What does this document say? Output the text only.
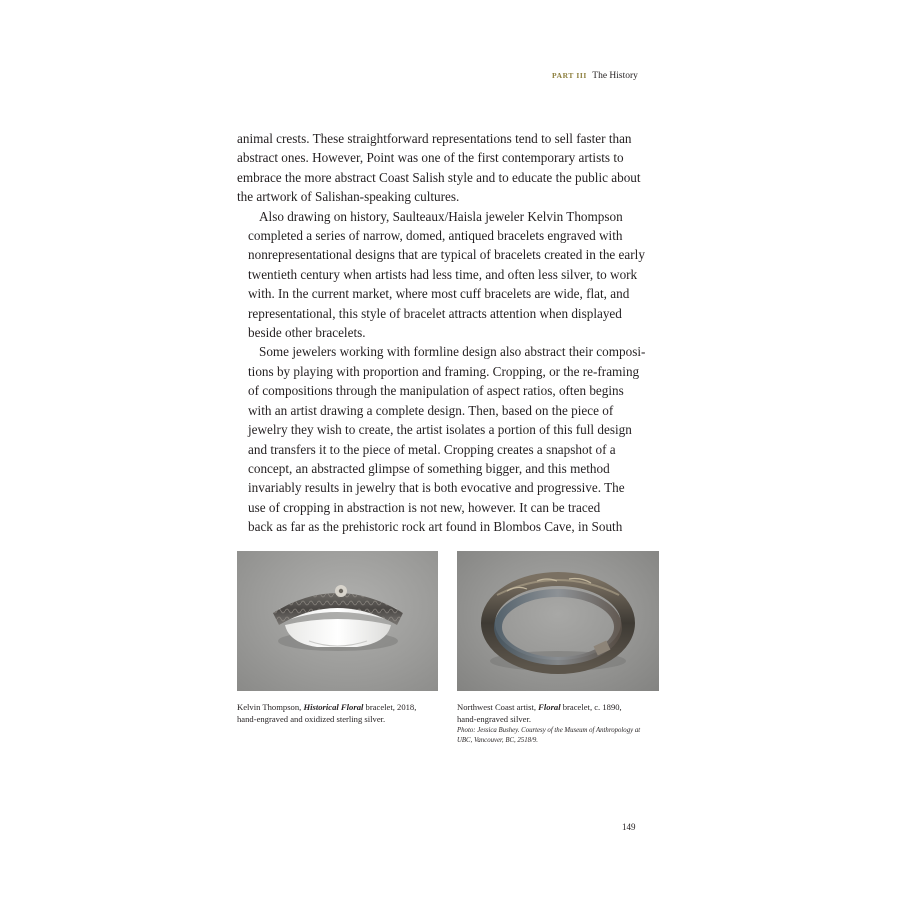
PART III The History

animal crests. These straightforward representations tend to sell faster than
abstract ones. However, Point was one of the first contemporary artists to
embrace the more abstract Coast Salish style and to educate the public about
the artwork of Salishan-speaking cultures.

Also drawing on history, Saulteaux/Haisla jeweler Kelvin Thompson
completed a series of narrow, domed, antiqued bracelets engraved with
nonrepresentational designs that are typical of bracelets created in the early
twentieth century when artists had less time, and often less silver, to work
with. In the current market, where most cuff bracelets are wide, flat, and
representational, this style of bracelet attracts attention when displayed
beside other bracelets.

Some jewelers working with formline design also abstract their composi-
tions by playing with proportion and framing. Cropping, or the re-framing
of compositions through the manipulation of aspect ratios, often begins
with an artist drawing a complete design. Then, based on the piece of
jewelry they wish to create, the artist isolates a portion of this full design
and transfers it to the piece of metal. Cropping creates a snapshot of a
concept, an abstracted glimpse of something bigger, and this method
invariably results in jewelry that is both evocative and progressive. The
use of cropping in abstraction is not new, however. It can be traced
back as far as the prehistoric rock art found in Blombos Cave, in South

Kelvin Thompson, Historical Floral bracelet, 2018,
hand-engraved and oxidized sterling silver.
Northwest Coast artist, Floral bracelet, c. 1890,
hand-engraved silver.
Photo: Jessica Bushey. Courtesy of the Museum of Anthropology at
UBC, Vancouver, BC, 2518/9.
149
